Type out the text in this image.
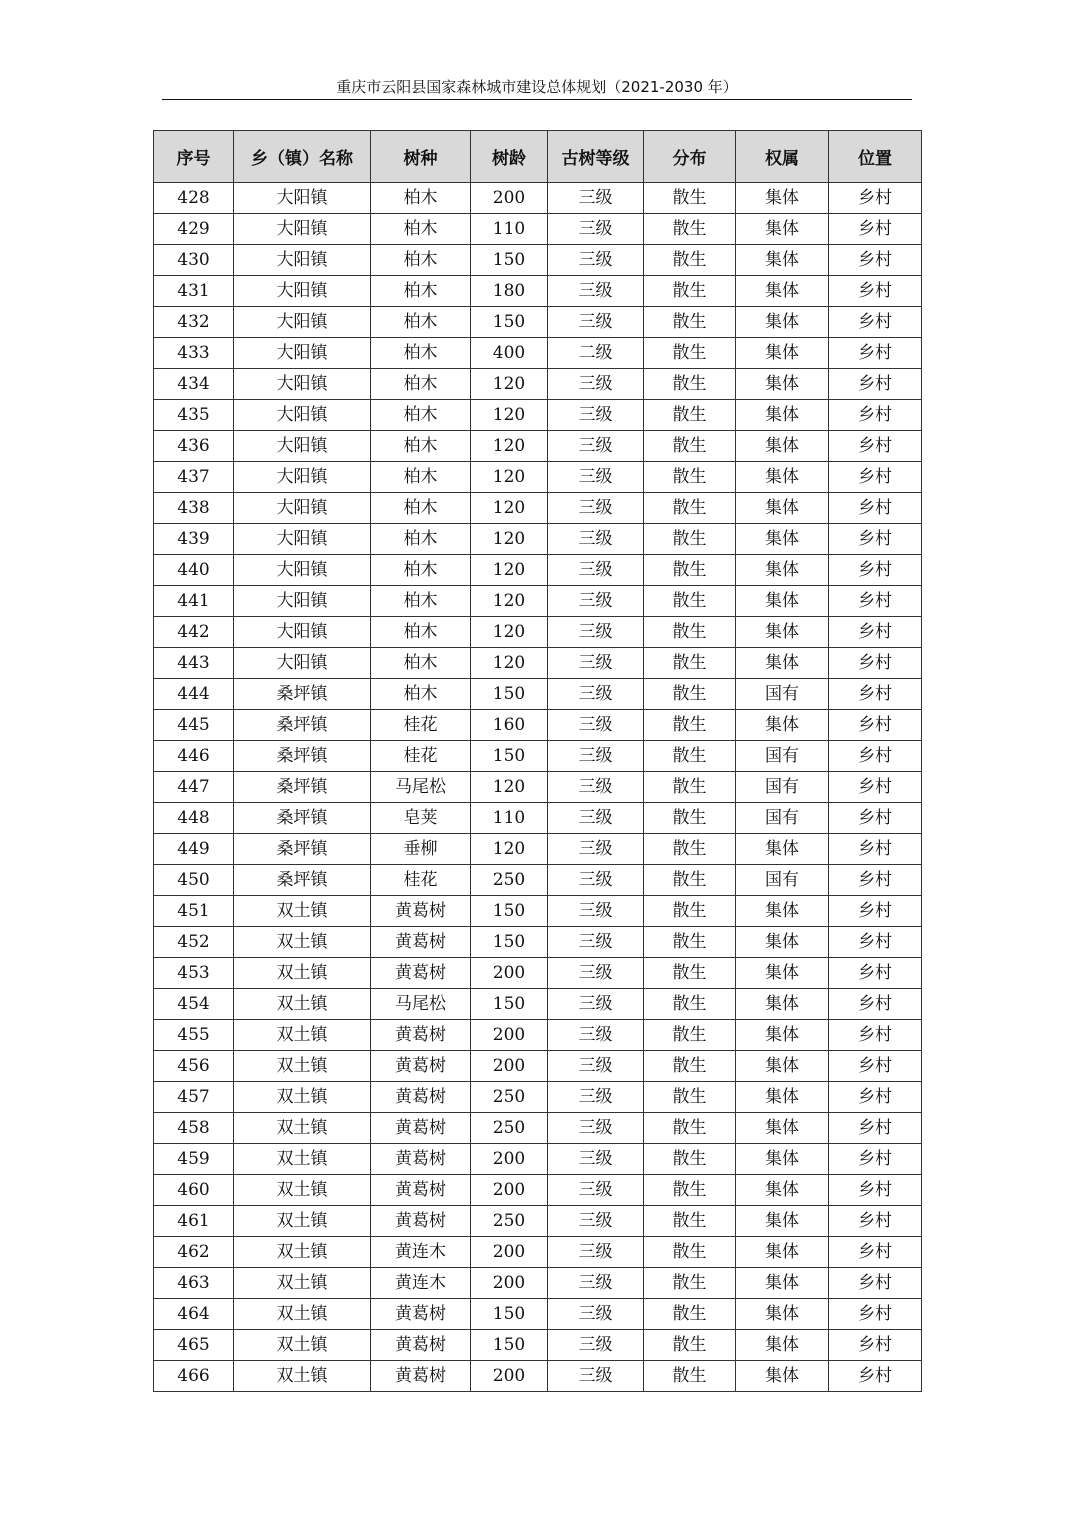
重庆市云阳县国家森林城市建设总体规划（2021-2030 年）
序号	乡（镇）名称	树种	树龄	古树等级	分布	权属	位置
428	大阳镇	柏木	200	三级	散生	集体	乡村
429	大阳镇	柏木	110	三级	散生	集体	乡村
430	大阳镇	柏木	150	三级	散生	集体	乡村
431	大阳镇	柏木	180	三级	散生	集体	乡村
432	大阳镇	柏木	150	三级	散生	集体	乡村
433	大阳镇	柏木	400	二级	散生	集体	乡村
434	大阳镇	柏木	120	三级	散生	集体	乡村
435	大阳镇	柏木	120	三级	散生	集体	乡村
436	大阳镇	柏木	120	三级	散生	集体	乡村
437	大阳镇	柏木	120	三级	散生	集体	乡村
438	大阳镇	柏木	120	三级	散生	集体	乡村
439	大阳镇	柏木	120	三级	散生	集体	乡村
440	大阳镇	柏木	120	三级	散生	集体	乡村
441	大阳镇	柏木	120	三级	散生	集体	乡村
442	大阳镇	柏木	120	三级	散生	集体	乡村
443	大阳镇	柏木	120	三级	散生	集体	乡村
444	桑坪镇	柏木	150	三级	散生	国有	乡村
445	桑坪镇	桂花	160	三级	散生	集体	乡村
446	桑坪镇	桂花	150	三级	散生	国有	乡村
447	桑坪镇	马尾松	120	三级	散生	国有	乡村
448	桑坪镇	皂荚	110	三级	散生	国有	乡村
449	桑坪镇	垂柳	120	三级	散生	集体	乡村
450	桑坪镇	桂花	250	三级	散生	国有	乡村
451	双土镇	黄葛树	150	三级	散生	集体	乡村
452	双土镇	黄葛树	150	三级	散生	集体	乡村
453	双土镇	黄葛树	200	三级	散生	集体	乡村
454	双土镇	马尾松	150	三级	散生	集体	乡村
455	双土镇	黄葛树	200	三级	散生	集体	乡村
456	双土镇	黄葛树	200	三级	散生	集体	乡村
457	双土镇	黄葛树	250	三级	散生	集体	乡村
458	双土镇	黄葛树	250	三级	散生	集体	乡村
459	双土镇	黄葛树	200	三级	散生	集体	乡村
460	双土镇	黄葛树	200	三级	散生	集体	乡村
461	双土镇	黄葛树	250	三级	散生	集体	乡村
462	双土镇	黄连木	200	三级	散生	集体	乡村
463	双土镇	黄连木	200	三级	散生	集体	乡村
464	双土镇	黄葛树	150	三级	散生	集体	乡村
465	双土镇	黄葛树	150	三级	散生	集体	乡村
466	双土镇	黄葛树	200	三级	散生	集体	乡村
